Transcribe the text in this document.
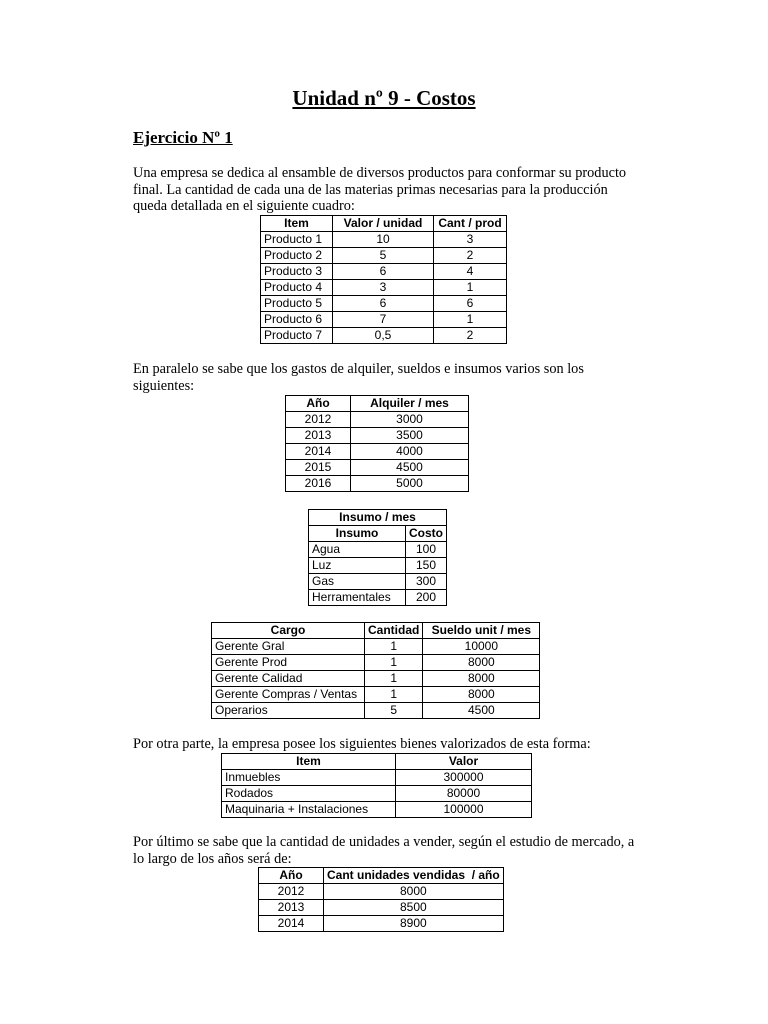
Unidad nº 9 - Costos
Ejercicio Nº 1
Una empresa se dedica al ensamble de diversos productos para conformar su producto
final. La cantidad de cada una de las materias primas necesarias para la producción
queda detallada en el siguiente cuadro:
Item	Valor / unidad	Cant / prod
Producto 1	10	3
Producto 2	5	2
Producto 3	6	4
Producto 4	3	1
Producto 5	6	6
Producto 6	7	1
Producto 7	0,5	2
En paralelo se sabe que los gastos de alquiler, sueldos e insumos varios son los
siguientes:
Año	Alquiler / mes
2012	3000
2013	3500
2014	4000
2015	4500
2016	5000
Insumo / mes	
Insumo	Costo
Agua	100
Luz	150
Gas	300
Herramentales	200
Cargo	Cantidad	Sueldo unit / mes
Gerente Gral	1	10000
Gerente Prod	1	8000
Gerente Calidad	1	8000
Gerente Compras / Ventas	1	8000
Operarios	5	4500
Por otra parte, la empresa posee los siguientes bienes valorizados de esta forma:
Item	Valor
Inmuebles	300000
Rodados	80000
Maquinaria + Instalaciones	100000
Por último se sabe que la cantidad de unidades a vender, según el estudio de mercado, a
lo largo de los años será de:
Año	Cant unidades vendidas  / año
2012	8000
2013	8500
2014	8900
